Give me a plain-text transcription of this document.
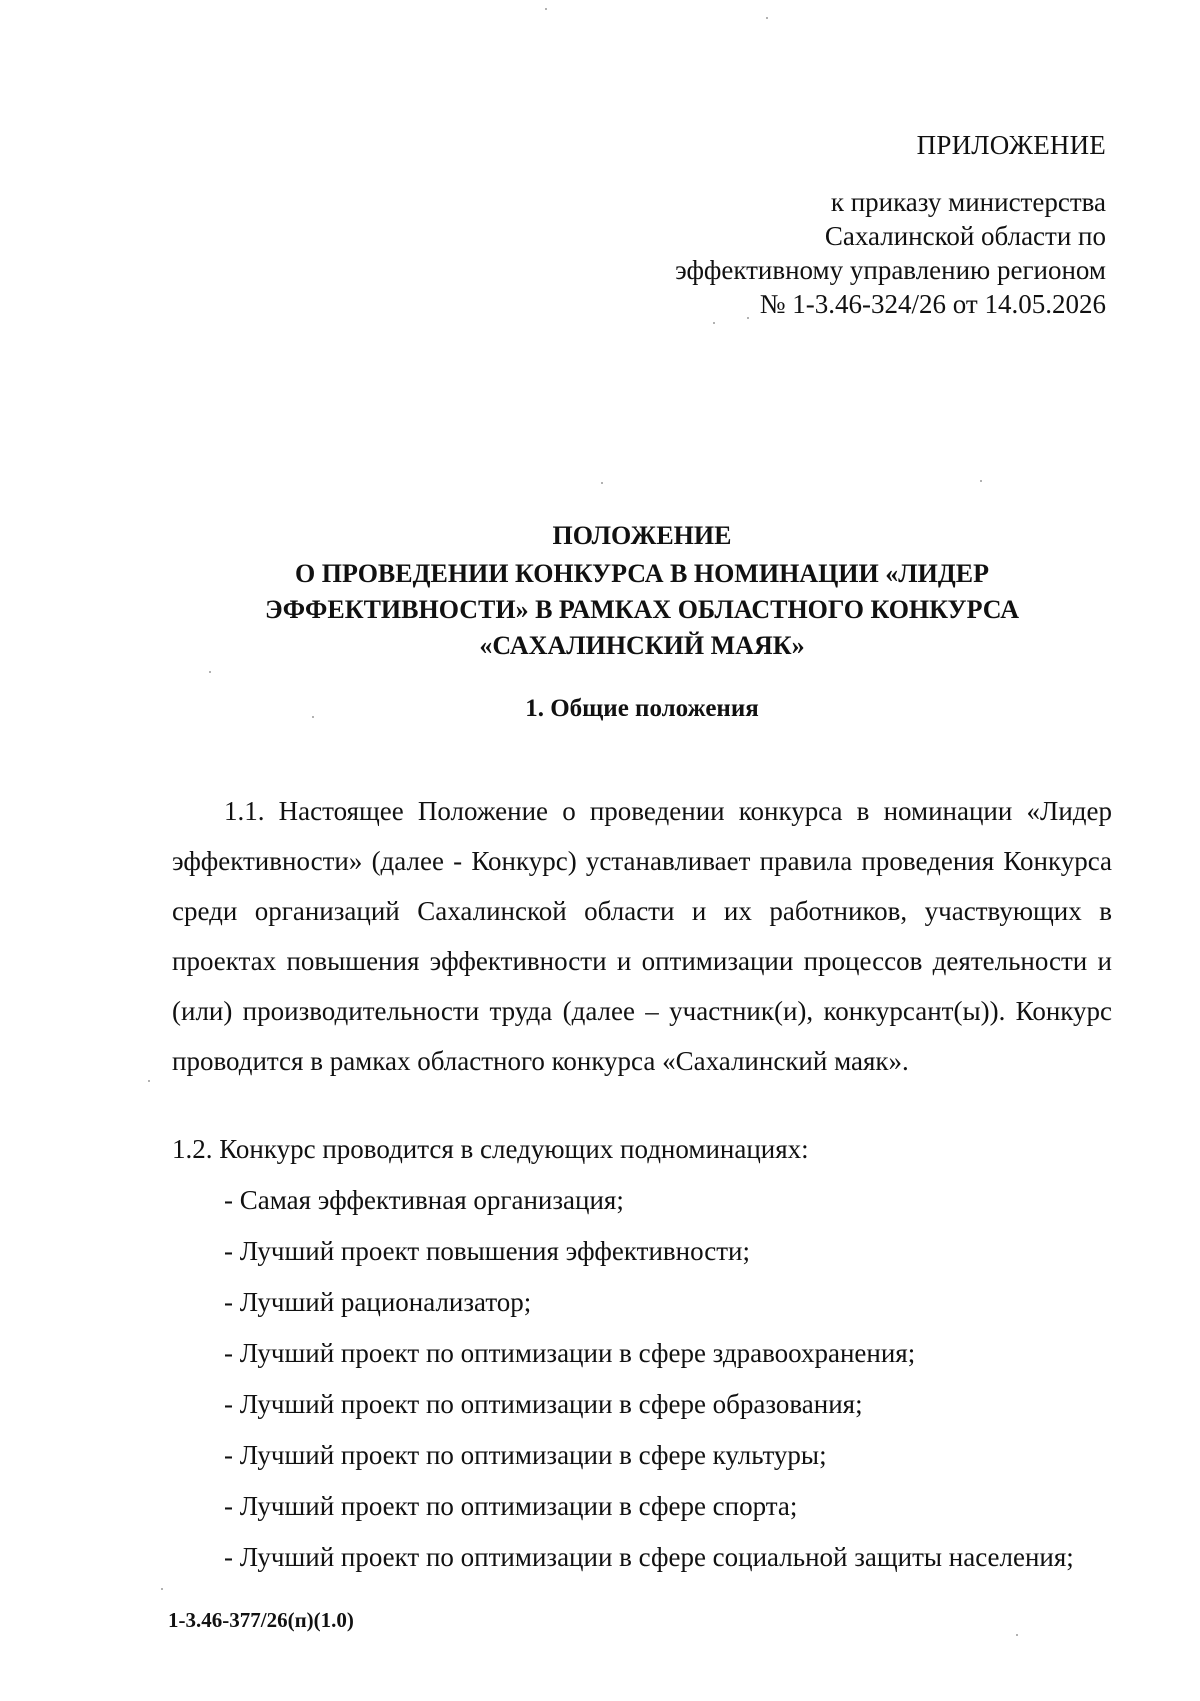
ПРИЛОЖЕНИЕ
к приказу министерства
Сахалинской области по
эффективному управлению регионом
№ 1-3.46-324/26 от 14.05.2026
ПОЛОЖЕНИЕ
О ПРОВЕДЕНИИ КОНКУРСА В НОМИНАЦИИ «ЛИДЕР
ЭФФЕКТИВНОСТИ» В РАМКАХ ОБЛАСТНОГО КОНКУРСА
«САХАЛИНСКИЙ МАЯК»
1. Общие положения
1.1. Настоящее Положение о проведении конкурса в номинации «Лидер эффективности» (далее - Конкурс) устанавливает правила проведения Конкурса среди организаций Сахалинской области и их работников, участвующих в проектах повышения эффективности и оптимизации процессов деятельности и (или) производительности труда (далее – участник(и), конкурсант(ы)). Конкурс проводится в рамках областного конкурса «Сахалинский маяк».
1.2. Конкурс проводится в следующих подноминациях:
- Самая эффективная организация;
- Лучший проект повышения эффективности;
- Лучший рационализатор;
- Лучший проект по оптимизации в сфере здравоохранения;
- Лучший проект по оптимизации в сфере образования;
- Лучший проект по оптимизации в сфере культуры;
- Лучший проект по оптимизации в сфере спорта;
- Лучший проект по оптимизации в сфере социальной защиты населения;
1-3.46-377/26(п)(1.0)
